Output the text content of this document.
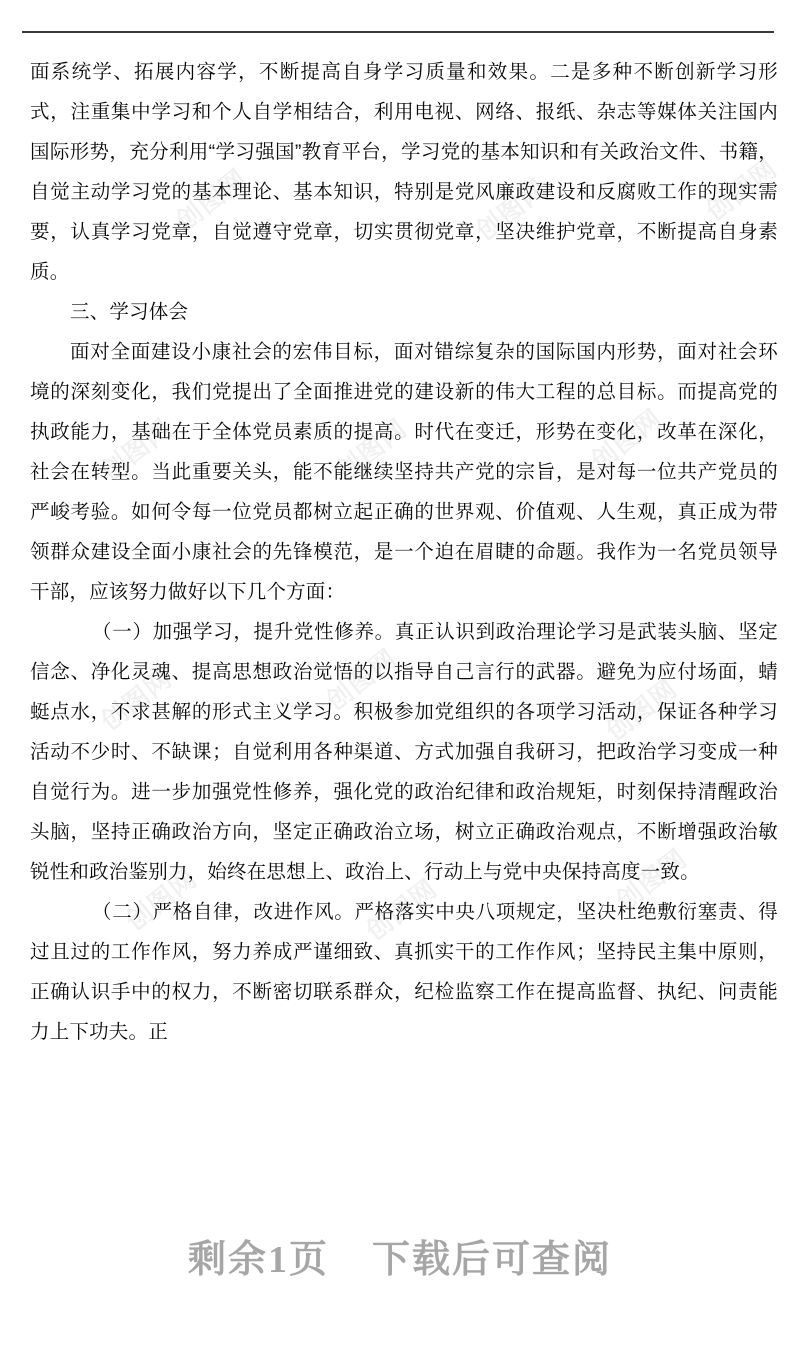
创图网	创图网	创图网
创图网	创图网	创图网
创图网	创图网	创图网
创图网	创图网	创图网

面系统学、拓展内容学，不断提高自身学习质量和效果。二是多种不断创新学习形式，注重集中学习和个人自学相结合，利用电视、网络、报纸、杂志等媒体关注国内国际形势，充分利用“学习强国”教育平台，学习党的基本知识和有关政治文件、书籍，自觉主动学习党的基本理论、基本知识，特别是党风廉政建设和反腐败工作的现实需要，认真学习党章，自觉遵守党章，切实贯彻党章，坚决维护党章，不断提高自身素质。

三、学习体会

面对全面建设小康社会的宏伟目标，面对错综复杂的国际国内形势，面对社会环境的深刻变化，我们党提出了全面推进党的建设新的伟大工程的总目标。而提高党的执政能力，基础在于全体党员素质的提高。时代在变迁，形势在变化，改革在深化，社会在转型。当此重要关头，能不能继续坚持共产党的宗旨，是对每一位共产党员的严峻考验。如何令每一位党员都树立起正确的世界观、价值观、人生观，真正成为带领群众建设全面小康社会的先锋模范，是一个迫在眉睫的命题。我作为一名党员领导干部，应该努力做好以下几个方面：

（一）加强学习，提升党性修养。真正认识到政治理论学习是武装头脑、坚定信念、净化灵魂、提高思想政治觉悟的以指导自己言行的武器。避免为应付场面，蜻蜓点水，不求甚解的形式主义学习。积极参加党组织的各项学习活动，保证各种学习活动不少时、不缺课；自觉利用各种渠道、方式加强自我研习，把政治学习变成一种自觉行为。进一步加强党性修养，强化党的政治纪律和政治规矩，时刻保持清醒政治头脑，坚持正确政治方向，坚定正确政治立场，树立正确政治观点，不断增强政治敏锐性和政治鉴别力，始终在思想上、政治上、行动上与党中央保持高度一致。

（二）严格自律，改进作风。严格落实中央八项规定，坚决杜绝敷衍塞责、得过且过的工作作风，努力养成严谨细致、真抓实干的工作作风；坚持民主集中原则，正确认识手中的权力，不断密切联系群众，纪检监察工作在提高监督、执纪、问责能力上下功夫。正

剩余1页 下载后可查阅
